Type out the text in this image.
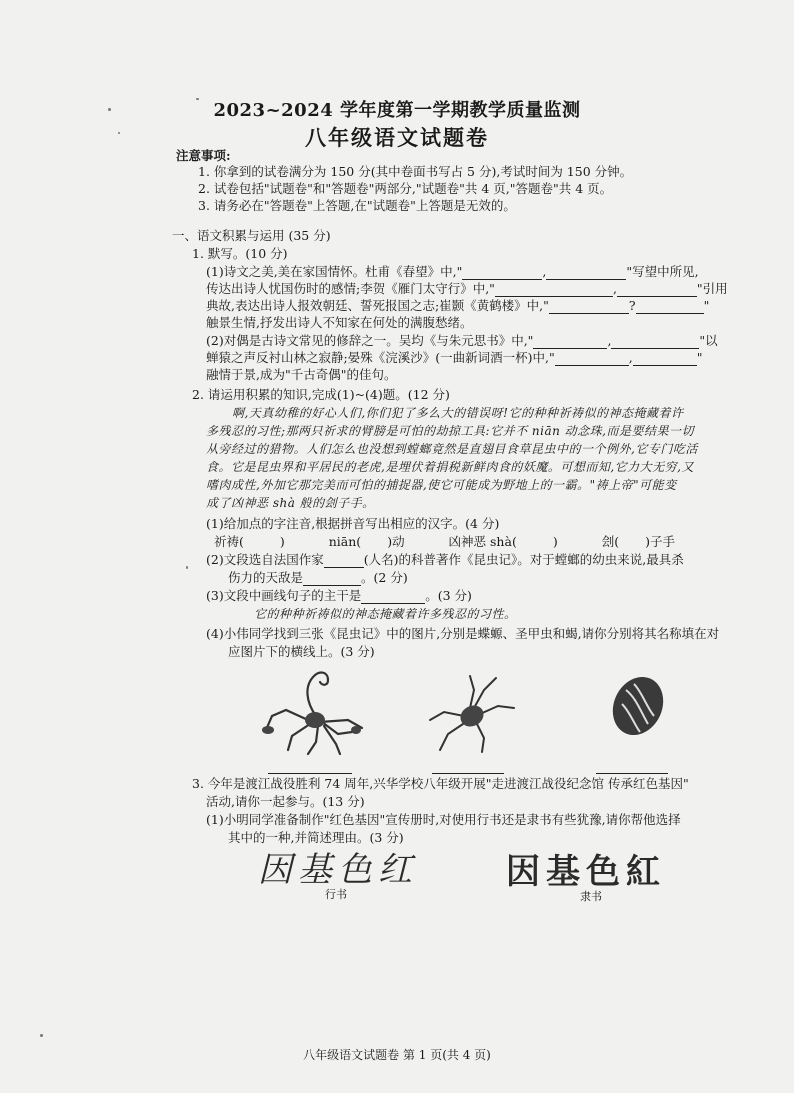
2023~2024 学年度第一学期教学质量监测
八年级语文试题卷
注意事项:
1. 你拿到的试卷满分为 150 分(其中卷面书写占 5 分),考试时间为 150 分钟。
2. 试卷包括"试题卷"和"答题卷"两部分,"试题卷"共 4 页,"答题卷"共 4 页。
3. 请务必在"答题卷"上答题,在"试题卷"上答题是无效的。
一、语文积累与运用 (35 分)
1. 默写。(10 分)
(1)诗文之美,美在家国情怀。杜甫《春望》中,"	,	"写望中所见,
传达出诗人忧国伤时的感情;李贺《雁门太守行》中,"	,	"引用
典故,表达出诗人报效朝廷、誓死报国之志;崔颢《黄鹤楼》中,"	?	"
触景生情,抒发出诗人不知家在何处的满腹愁绪。
(2)对偶是古诗文常见的修辞之一。吴均《与朱元思书》中,"	,	"以
蝉猿之声反衬山林之寂静;晏殊《浣溪沙》(一曲新词酒一杯)中,"	,	"
融情于景,成为"千古奇偶"的佳句。
2. 请运用积累的知识,完成(1)~(4)题。(12 分)
啊,天真幼稚的好心人们,你们犯了多么大的错误呀!它的种种祈祷似的神态掩藏着许
多残忍的习性;那两只祈求的臂膀是可怕的劫掠工具:它并不 niān 动念珠,而是要结果一切
从旁经过的猎物。人们怎么也没想到螳螂竟然是直翅目食草昆虫中的一个例外,它专门吃活
食。它是昆虫界和平居民的老虎,是埋伏着捐税新鲜肉食的妖魔。可想而知,它力大无穷,又
嗜肉成性,外加它那完美而可怕的捕捉器,使它可能成为野地上的一霸。"祷上帝"可能变
成了凶神恶 shà 般的刽子手。
(1)给加点的字注音,根据拼音写出相应的汉字。(4 分)
祈祷(	)	niān( )动	凶神恶 shà(	)	刽( )子手
(2)文段选自法国作家	(人名)的科普著作《昆虫记》。对于螳螂的幼虫来说,最具杀
伤力的天敌是	。(2 分)
(3)文段中画线句子的主干是	。(3 分)
它的种种祈祷似的神态掩藏着许多残忍的习性。
(4)小伟同学找到三张《昆虫记》中的图片,分别是蝶螈、圣甲虫和蝎,请你分别将其名称填在对
应图片下的横线上。(3 分)
3. 今年是渡江战役胜利 74 周年,兴华学校八年级开展"走进渡江战役纪念馆 传承红色基因"
活动,请你一起参与。(13 分)
(1)小明同学准备制作"红色基因"宣传册时,对使用行书还是隶书有些犹豫,请你帮他选择
其中的一种,并简述理由。(3 分)
因基色红
行书
因基色紅
隶书
八年级语文试题卷 第 1 页(共 4 页)
